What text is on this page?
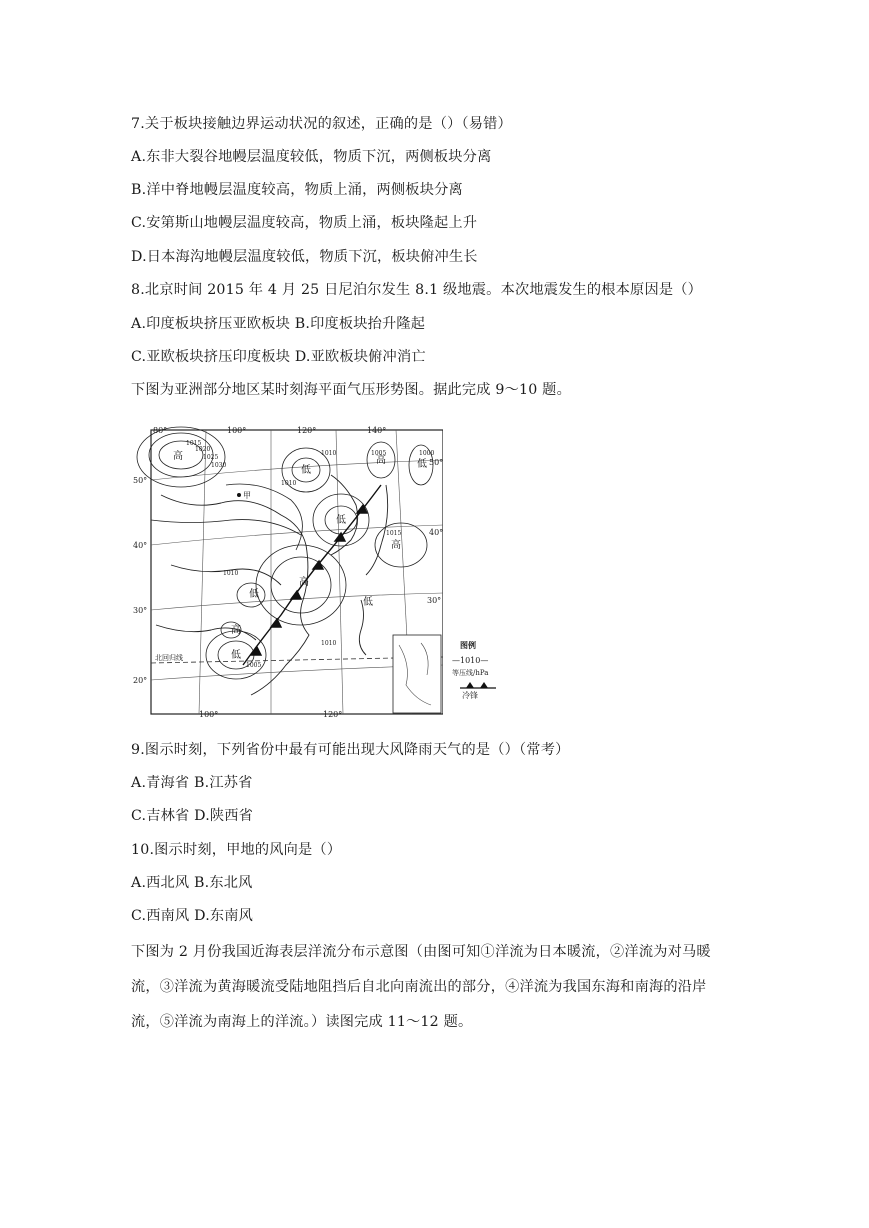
7.关于板块接触边界运动状况的叙述，正确的是（）（易错）
A.东非大裂谷地幔层温度较低，物质下沉，两侧板块分离
B.洋中脊地幔层温度较高，物质上涌，两侧板块分离
C.安第斯山地幔层温度较高，物质上涌，板块隆起上升
D.日本海沟地幔层温度较低，物质下沉，板块俯冲生长
8.北京时间 2015 年 4 月 25 日尼泊尔发生 8.1 级地震。本次地震发生的根本原因是（）
A.印度板块挤压亚欧板块 B.印度板块抬升隆起
C.亚欧板块挤压印度板块 D.亚欧板块俯冲消亡
下图为亚洲部分地区某时刻海平面气压形势图。据此完成 9～10 题。
80°	100°	120°	140°
100°	120°
50°
40°
30°
20°
50°
40°
30°
1015
1020
1025
1030
1010	1005	1000
1010
1015
1010
1005
1010
高
低
低
高
高
低
高
低
高
低
低
甲
北回归线
图例
—1010—
等压线/hPa
冷锋
9.图示时刻，下列省份中最有可能出现大风降雨天气的是（）（常考）
A.青海省 B.江苏省
C.吉林省 D.陕西省
10.图示时刻，甲地的风向是（）
A.西北风 B.东北风
C.西南风 D.东南风
下图为 2 月份我国近海表层洋流分布示意图（由图可知①洋流为日本暖流，②洋流为对马暖
流，③洋流为黄海暖流受陆地阻挡后自北向南流出的部分，④洋流为我国东海和南海的沿岸
流，⑤洋流为南海上的洋流。）读图完成 11～12 题。
